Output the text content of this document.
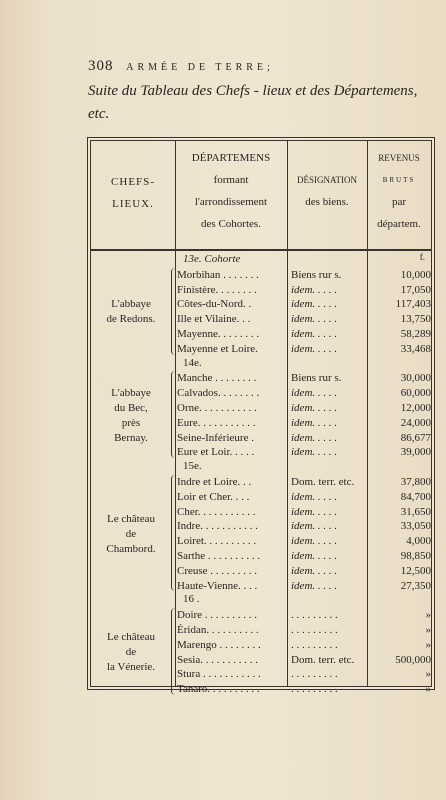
308 ARMÉE DE TERRE;
Suite du Tableau des Chefs - lieux et des Départemens, etc.
CHEFS-LIEUX.
DÉPARTEMENS
formant
l'arrondissement
des Cohortes.
DÉSIGNATION
des biens.
REVENUS
BRUTS
par
départem.
f.
13e. Cohorte
Morbihan . . . . . . .	Biens rur s.	10,000
Finistère. . . . . . . .	idem. . . . .	17,050
Côtes-du-Nord. .	idem. . . . .	117,403
Ille et Vilaine. . .	idem. . . . .	13,750
Mayenne. . . . . . . .	idem. . . . .	58,289
Mayenne et Loire.	idem. . . . .	33,468
L'abbaye
de Redons.
14e.
Manche . . . . . . . .	Biens rur s.	30,000
Calvados. . . . . . . .	idem. . . . .	60,000
Orne. . . . . . . . . . .	idem. . . . .	12,000
Eure. . . . . . . . . . .	idem. . . . .	24,000
Seine-Inférieure .	idem. . . . .	86,677
Eure et Loir. . . . .	idem. . . . .	39,000
L'abbaye
du Bec,
près
Bernay.
15e.
Indre et Loire. . .	Dom. terr. etc.	37,800
Loir et Cher. . . .	idem. . . . .	84,700
Cher. . . . . . . . . . .	idem. . . . .	31,650
Indre. . . . . . . . . . .	idem. . . . .	33,050
Loiret. . . . . . . . . .	idem. . . . .	4,000
Sarthe . . . . . . . . . .	idem. . . . .	98,850
Creuse . . . . . . . . .	idem. . . . .	12,500
Haute-Vienne. . . .	idem. . . . .	27,350
Le château
de
Chambord.
16 .
Doire . . . . . . . . . .	. . . . . . . . .	»
Éridan. . . . . . . . . .	. . . . . . . . .	»
Marengo . . . . . . . .	. . . . . . . . .	»
Sesia. . . . . . . . . . .	Dom. terr. etc.	500,000
Stura . . . . . . . . . . .	. . . . . . . . .	»
Tanaro. . . . . . . . . .	. . . . . . . . .	»
Le château
de
la Vénerie.
